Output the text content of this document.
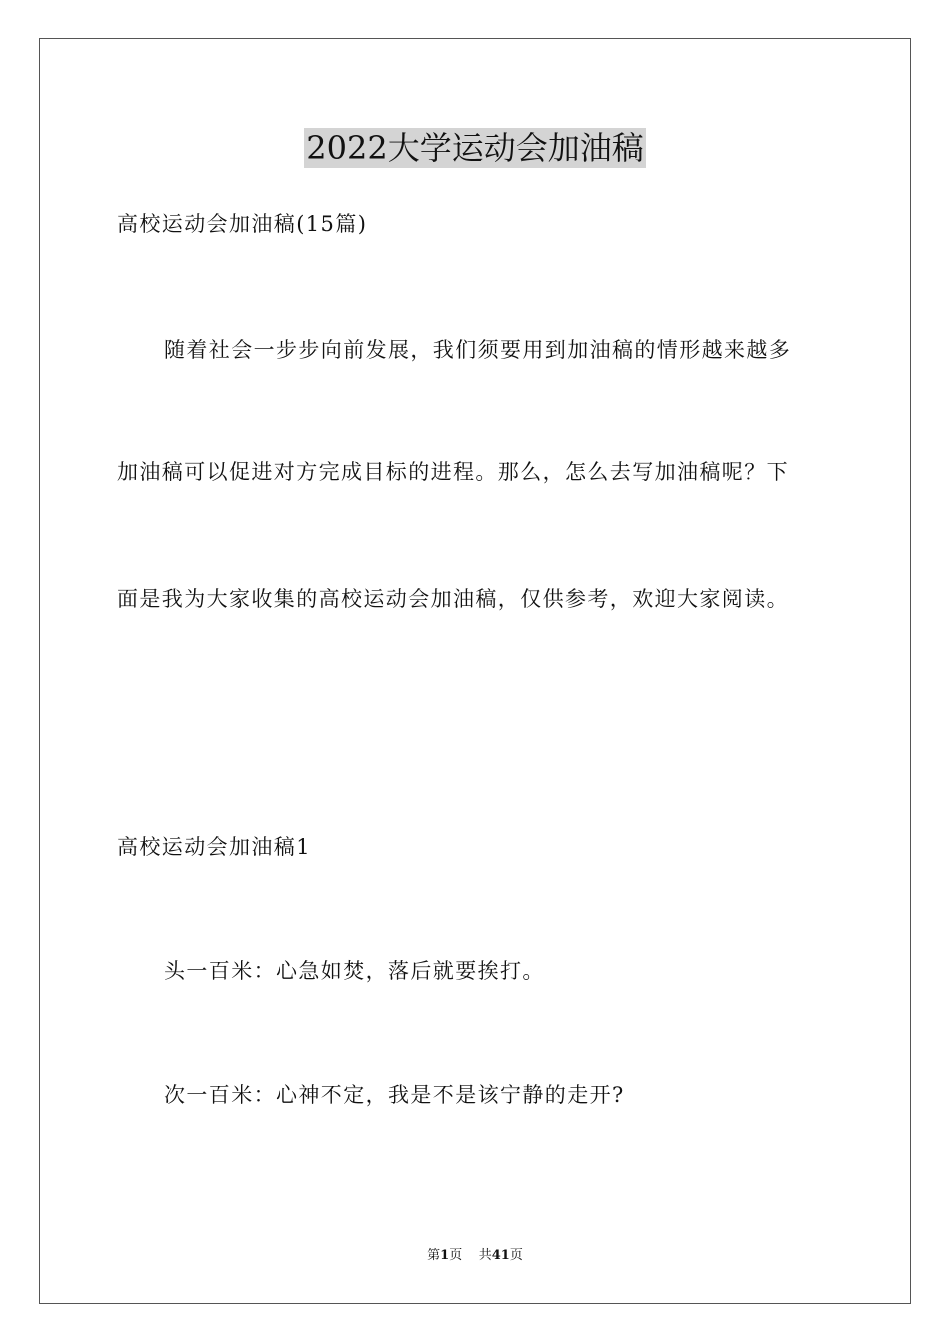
2022大学运动会加油稿
高校运动会加油稿(15篇)
随着社会一步步向前发展，我们须要用到加油稿的情形越来越多
加油稿可以促进对方完成目标的进程。那么，怎么去写加油稿呢？下
面是我为大家收集的高校运动会加油稿，仅供参考，欢迎大家阅读。
高校运动会加油稿1
头一百米：心急如焚，落后就要挨打。
次一百米：心神不定，我是不是该宁静的走开?
第1页 共41页
